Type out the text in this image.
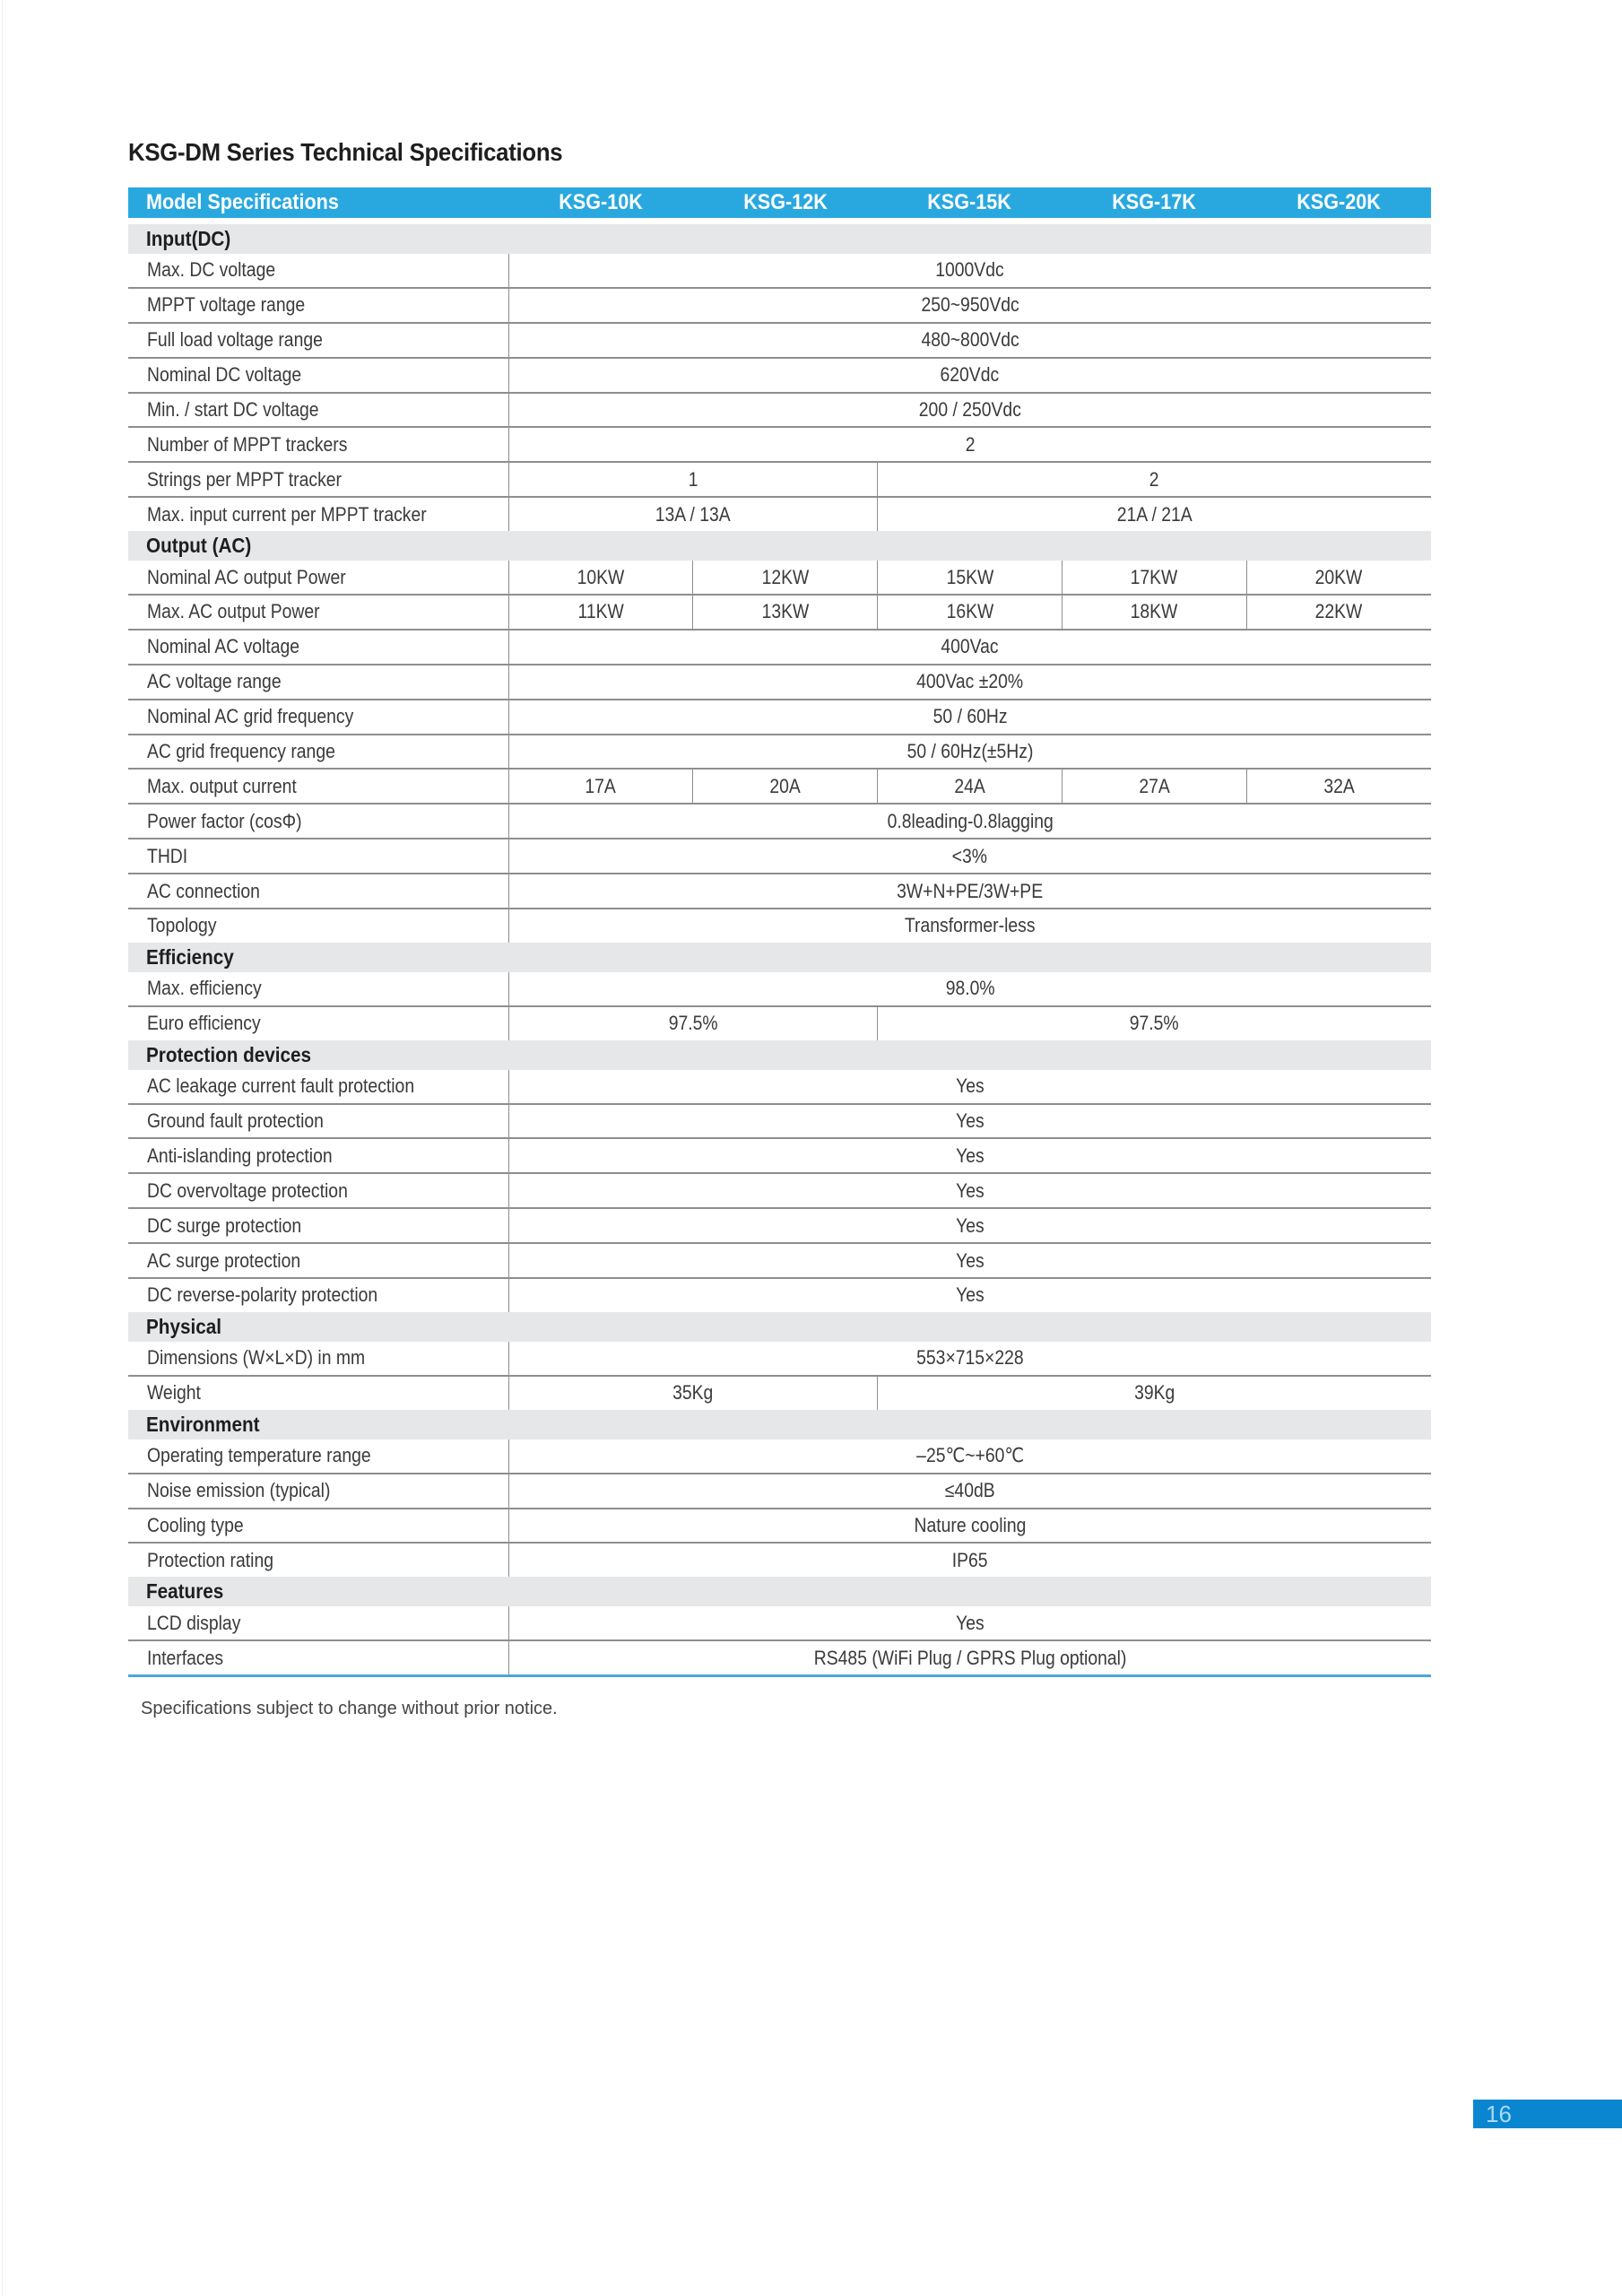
KSG-DM Series Technical Specifications
Model Specifications	KSG-10K	KSG-12K	KSG-15K	KSG-17K	KSG-20K
Input(DC)					
Max. DC voltage	1000Vdc				
MPPT voltage range	250~950Vdc				
Full load voltage range	480~800Vdc				
Nominal DC voltage	620Vdc				
Min. / start DC voltage	200 / 250Vdc				
Number of MPPT trackers	2				
Strings per MPPT tracker	1		2		
Max. input current per MPPT tracker	13A / 13A		21A / 21A		
Output (AC)					
Nominal AC output Power	10KW	12KW	15KW	17KW	20KW
Max. AC output Power	11KW	13KW	16KW	18KW	22KW
Nominal AC voltage	400Vac				
AC voltage range	400Vac ±20%				
Nominal AC grid frequency	50 / 60Hz				
AC grid frequency range	50 / 60Hz(±5Hz)				
Max. output current	17A	20A	24A	27A	32A
Power factor (cosΦ)	0.8leading-0.8lagging				
THDI	<3%				
AC connection	3W+N+PE/3W+PE				
Topology	Transformer-less				
Efficiency					
Max. efficiency	98.0%				
Euro efficiency	97.5%		97.5%		
Protection devices					
AC leakage current fault protection	Yes				
Ground fault protection	Yes				
Anti-islanding protection	Yes				
DC overvoltage protection	Yes				
DC surge protection	Yes				
AC surge protection	Yes				
DC reverse-polarity protection	Yes				
Physical					
Dimensions (W×L×D) in mm	553×715×228				
Weight	35Kg		39Kg		
Environment					
Operating temperature range	–25℃~+60℃				
Noise emission (typical)	≤40dB				
Cooling type	Nature cooling				
Protection rating	IP65				
Features					
LCD display	Yes				
Interfaces	RS485 (WiFi Plug / GPRS Plug optional)				

Specifications subject to change without prior notice.

16
